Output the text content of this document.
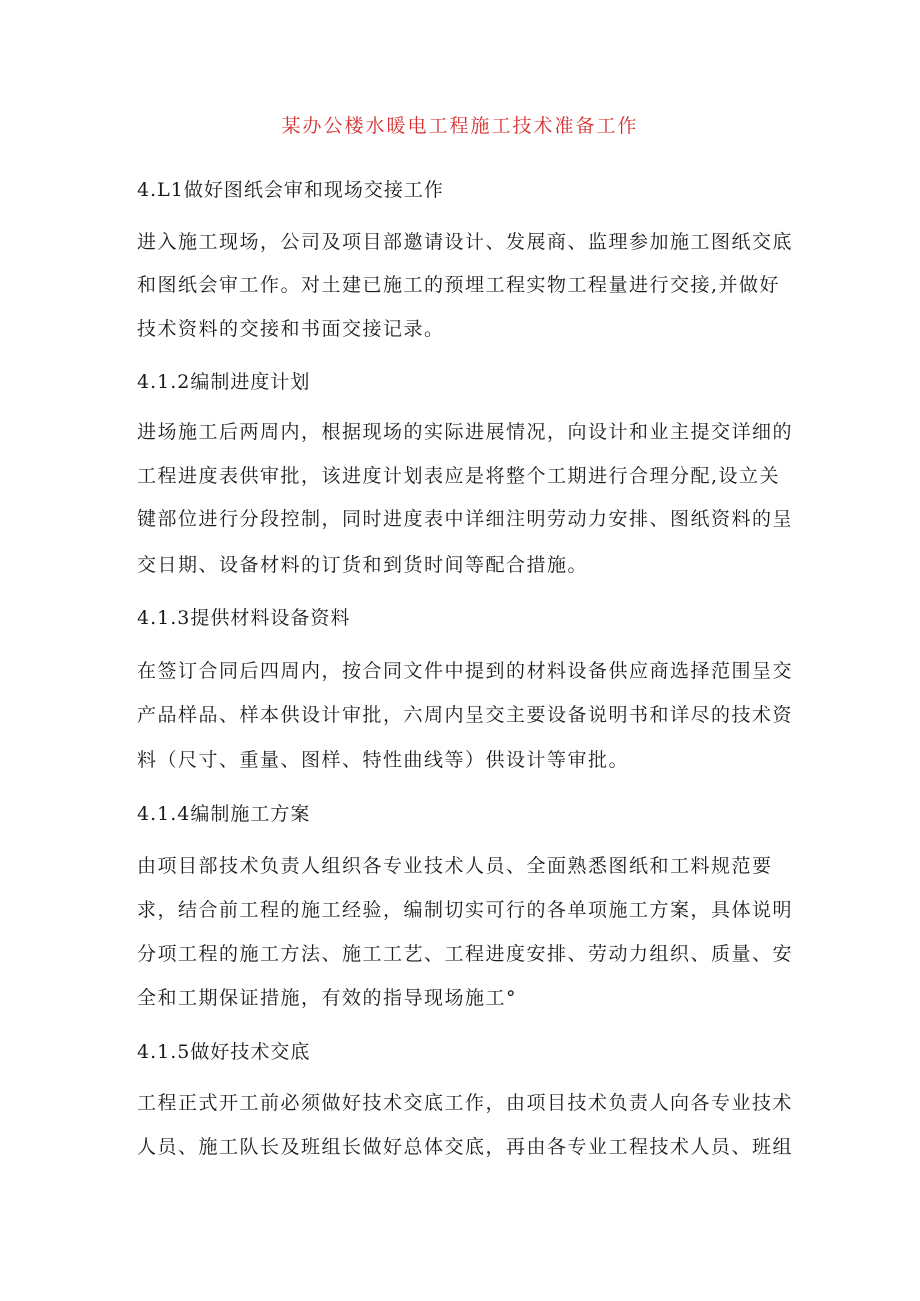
某办公楼水暖电工程施工技术准备工作
4.L1做好图纸会审和现场交接工作
进入施工现场，公司及项目部邀请设计、发展商、监理参加施工图纸交底
和图纸会审工作。对土建已施工的预埋工程实物工程量进行交接,并做好
技术资料的交接和书面交接记录。
4.1.2编制进度计划
进场施工后两周内，根据现场的实际进展情况，向设计和业主提交详细的
工程进度表供审批，该进度计划表应是将整个工期进行合理分配,设立关
键部位进行分段控制，同时进度表中详细注明劳动力安排、图纸资料的呈
交日期、设备材料的订货和到货时间等配合措施。
4.1.3提供材料设备资料
在签订合同后四周内，按合同文件中提到的材料设备供应商选择范围呈交
产品样品、样本供设计审批，六周内呈交主要设备说明书和详尽的技术资
料（尺寸、重量、图样、特性曲线等）供设计等审批。
4.1.4编制施工方案
由项目部技术负责人组织各专业技术人员、全面熟悉图纸和工料规范要
求，结合前工程的施工经验，编制切实可行的各单项施工方案，具体说明
分项工程的施工方法、施工工艺、工程进度安排、劳动力组织、质量、安
全和工期保证措施，有效的指导现场施工°
4.1.5做好技术交底
工程正式开工前必须做好技术交底工作，由项目技术负责人向各专业技术
人员、施工队长及班组长做好总体交底，再由各专业工程技术人员、班组
